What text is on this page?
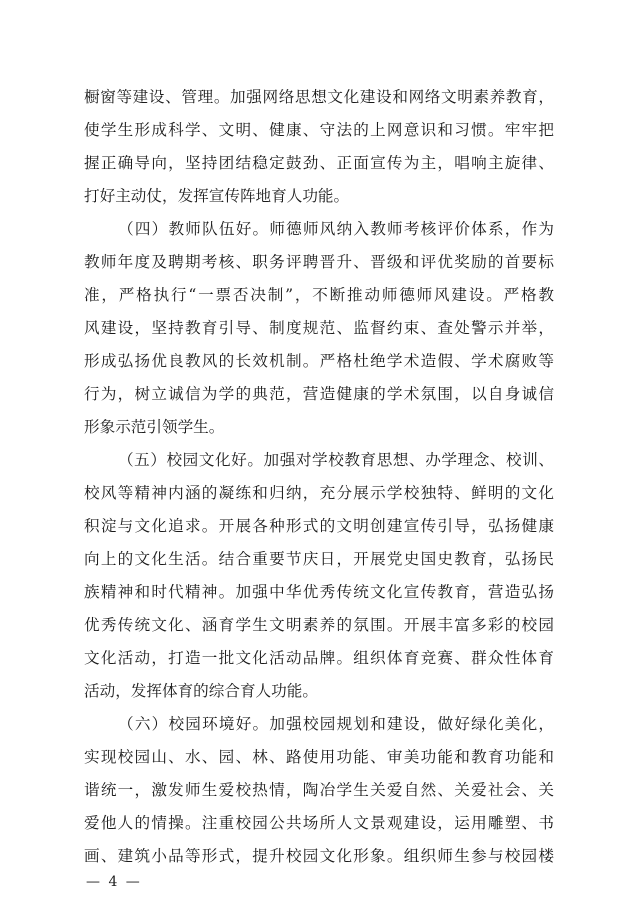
橱窗等建设、管理。加强网络思想文化建设和网络文明素养教育，
使学生形成科学、文明、健康、守法的上网意识和习惯。牢牢把
握正确导向，坚持团结稳定鼓劲、正面宣传为主，唱响主旋律、
打好主动仗，发挥宣传阵地育人功能。
（四）教师队伍好。师德师风纳入教师考核评价体系，作为
教师年度及聘期考核、职务评聘晋升、晋级和评优奖励的首要标
准，严格执行“一票否决制”，不断推动师德师风建设。严格教
风建设，坚持教育引导、制度规范、监督约束、查处警示并举，
形成弘扬优良教风的长效机制。严格杜绝学术造假、学术腐败等
行为，树立诚信为学的典范，营造健康的学术氛围，以自身诚信
形象示范引领学生。
（五）校园文化好。加强对学校教育思想、办学理念、校训、
校风等精神内涵的凝练和归纳，充分展示学校独特、鲜明的文化
积淀与文化追求。开展各种形式的文明创建宣传引导，弘扬健康
向上的文化生活。结合重要节庆日，开展党史国史教育，弘扬民
族精神和时代精神。加强中华优秀传统文化宣传教育，营造弘扬
优秀传统文化、涵育学生文明素养的氛围。开展丰富多彩的校园
文化活动，打造一批文化活动品牌。组织体育竞赛、群众性体育
活动，发挥体育的综合育人功能。
（六）校园环境好。加强校园规划和建设，做好绿化美化，
实现校园山、水、园、林、路使用功能、审美功能和教育功能和
谐统一，激发师生爱校热情，陶冶学生关爱自然、关爱社会、关
爱他人的情操。注重校园公共场所人文景观建设，运用雕塑、书
画、建筑小品等形式，提升校园文化形象。组织师生参与校园楼
— 4 —
